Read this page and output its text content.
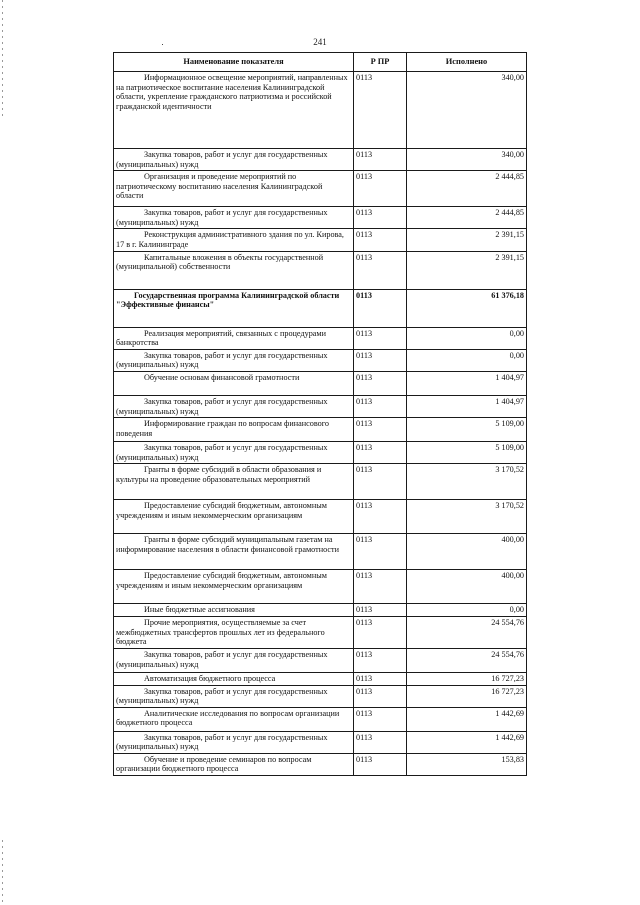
241
Наименование показателя	Р ПР	Исполнено
Информационное освещение мероприятий, направленных на патриотическое воспитание населения Калининградской области, укрепление гражданского патриотизма и российской гражданской идентичности	0113	340,00
Закупка товаров, работ и услуг для государственных (муниципальных) нужд	0113	340,00
Организация и проведение мероприятий по патриотическому воспитанию населения Калининградской области	0113	2 444,85
Закупка товаров, работ и услуг для государственных (муниципальных) нужд	0113	2 444,85
Реконструкция административного здания по ул. Кирова, 17 в г. Калининграде	0113	2 391,15
Капитальные вложения в объекты государственной (муниципальной) собственности	0113	2 391,15
Государственная программа Калининградской области "Эффективные финансы"	0113	61 376,18
Реализация мероприятий, связанных с процедурами банкротства	0113	0,00
Закупка товаров, работ и услуг для государственных (муниципальных) нужд	0113	0,00
Обучение основам финансовой грамотности	0113	1 404,97
Закупка товаров, работ и услуг для государственных (муниципальных) нужд	0113	1 404,97
Информирование граждан по вопросам финансового поведения	0113	5 109,00
Закупка товаров, работ и услуг для государственных (муниципальных) нужд	0113	5 109,00
Гранты в форме субсидий в области образования и культуры на проведение образовательных мероприятий	0113	3 170,52
Предоставление субсидий бюджетным, автономным учреждениям и иным некоммерческим организациям	0113	3 170,52
Гранты в форме субсидий муниципальным газетам на информирование населения в области финансовой грамотности	0113	400,00
Предоставление субсидий бюджетным, автономным учреждениям и иным некоммерческим организациям	0113	400,00
Иные бюджетные ассигнования	0113	0,00
Прочие мероприятия, осуществляемые за счет межбюджетных трансфертов прошлых лет из федерального бюджета	0113	24 554,76
Закупка товаров, работ и услуг для государственных (муниципальных) нужд	0113	24 554,76
Автоматизация бюджетного процесса	0113	16 727,23
Закупка товаров, работ и услуг для государственных (муниципальных) нужд	0113	16 727,23
Аналитические исследования по вопросам организации бюджетного процесса	0113	1 442,69
Закупка товаров, работ и услуг для государственных (муниципальных) нужд	0113	1 442,69
Обучение и проведение семинаров по вопросам организации бюджетного процесса	0113	153,83
